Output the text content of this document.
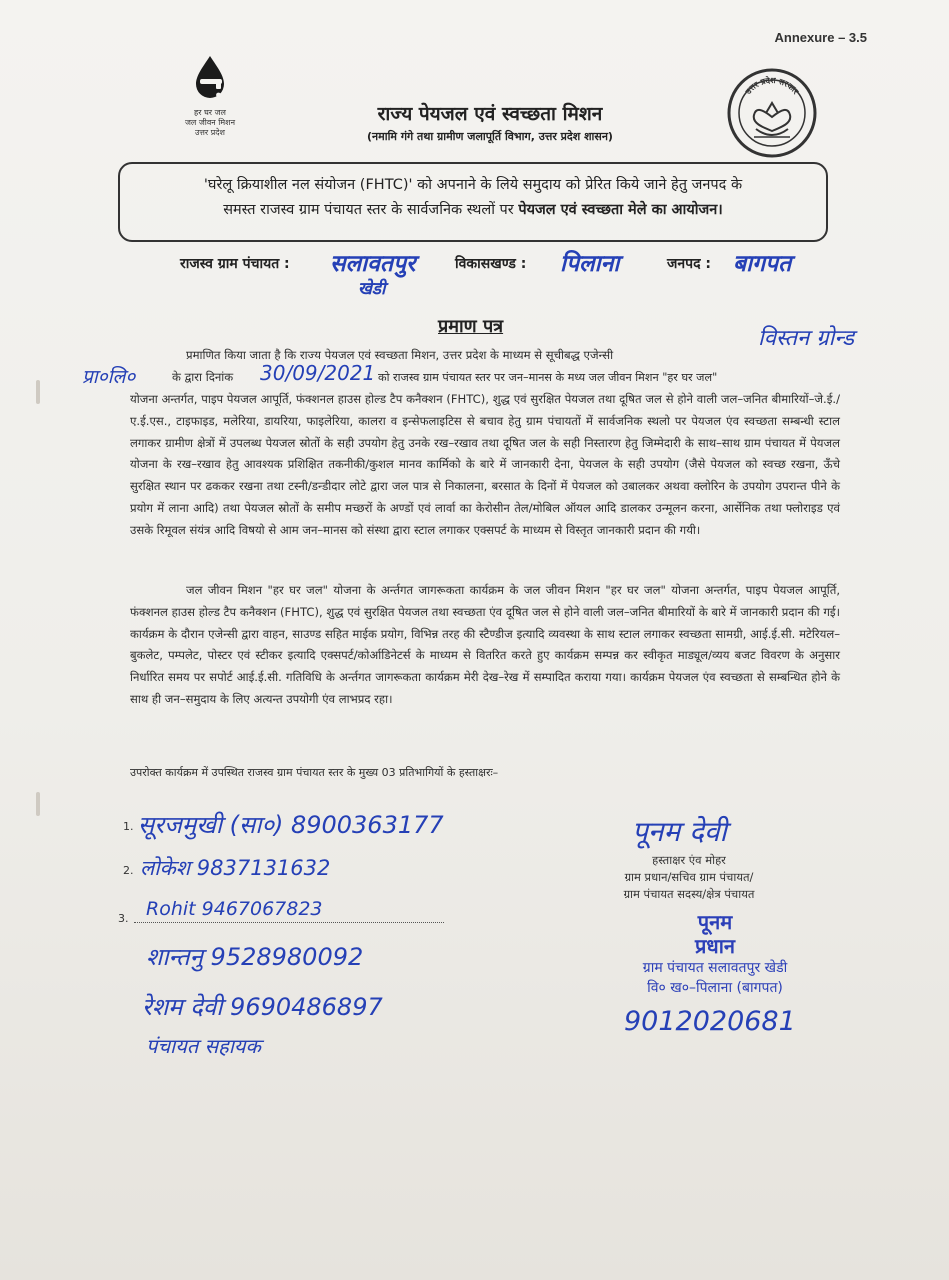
Annexure – 3.5
हर घर जल
जल जीवन मिशन
उत्तर प्रदेश
उत्तर प्रदेश सरकार
राज्य पेयजल एवं स्वच्छता मिशन
(नमामि गंगे तथा ग्रामीण जलापूर्ति विभाग, उत्तर प्रदेश शासन)
'घरेलू क्रियाशील नल संयोजन (FHTC)' को अपनाने के लिये समुदाय को प्रेरित किये जाने हेतु जनपद के
समस्त राजस्व ग्राम पंचायत स्तर के सार्वजनिक स्थलों पर पेयजल एवं स्वच्छता मेले का आयोजन।
राजस्व ग्राम पंचायत : सलावतपुर
खेडी
विकासखण्ड : पिलाना	जनपद : बागपत
प्रमाण पत्र	विस्तन ग्रोन्ड
प्रमाणित किया जाता है कि राज्य पेयजल एवं स्वच्छता मिशन, उत्तर प्रदेश के माध्यम से सूचीबद्ध एजेन्सी
प्रा०लि०	के द्वारा दिनांक 30/09/2021 को राजस्व ग्राम पंचायत स्तर पर जन–मानस के मध्य जल जीवन मिशन "हर घर जल"
योजना अन्तर्गत, पाइप पेयजल आपूर्ति, फंक्शनल हाउस होल्ड टैप कनैक्शन (FHTC), शुद्ध एवं सुरक्षित पेयजल तथा दूषित जल से होने वाली जल–जनित बीमारियों–जे.ई./ए.ई.एस., टाइफाइड, मलेरिया, डायरिया, फाइलेरिया, कालरा व इन्सेफलाइटिस से बचाव हेतु ग्राम पंचायतों में सार्वजनिक स्थलो पर पेयजल एंव स्वच्छता सम्बन्धी स्टाल लगाकर ग्रामीण क्षेत्रों में उपलब्ध पेयजल स्रोतों के सही उपयोग हेतु उनके रख–रखाव तथा दूषित जल के सही निस्तारण हेतु जिम्मेदारी के साथ–साथ ग्राम पंचायत में पेयजल योजना के रख–रखाव हेतु आवश्यक प्रशिक्षित तकनीकी/कुशल मानव कार्मिको के बारे में जानकारी देना, पेयजल के सही उपयोग (जैसे पेयजल को स्वच्छ रखना, ऊँचे सुरक्षित स्थान पर ढककर रखना तथा टस्नी/डन्डीदार लोटे द्वारा जल पात्र से निकालना, बरसात के दिनों में पेयजल को उबालकर अथवा क्लोरिन के उपयोग उपरान्त पीने के प्रयोग में लाना आदि) तथा पेयजल स्रोतों के समीप मच्छरों के अण्डों एवं लार्वा का केरोसीन तेल/मोबिल ऑयल आदि डालकर उन्मूलन करना, आर्सेनिक तथा फ्लोराइड एवं उसके रिमूवल संयंत्र आदि विषयो से आम जन–मानस को संस्था द्वारा स्टाल लगाकर एक्सपर्ट के माध्यम से विस्तृत जानकारी प्रदान की गयी।
जल जीवन मिशन "हर घर जल" योजना के अर्न्तगत जागरूकता कार्यक्रम के जल जीवन मिशन "हर घर जल" योजना अन्तर्गत, पाइप पेयजल आपूर्ति, फंक्शनल हाउस होल्ड टैप कनैक्शन (FHTC), शुद्ध एवं सुरक्षित पेयजल तथा स्वच्छता एंव दूषित जल से होने वाली जल–जनित बीमारियों के बारे में जानकारी प्रदान की गई। कार्यक्रम के दौरान एजेन्सी द्वारा वाहन, साउण्ड सहित माईक प्रयोग, विभिन्न तरह की स्टैण्डीज इत्यादि व्यवस्था के साथ स्टाल लगाकर स्वच्छता सामग्री, आई.ई.सी. मटेरियल–बुकलेट, पम्पलेट, पोस्टर एवं स्टीकर इत्यादि एक्सपर्ट/कोर्आडिनेटर्स के माध्यम से वितरित करते हुए कार्यक्रम सम्पन्न कर स्वीकृत माड्यूल/व्यय बजट विवरण के अनुसार निर्धारित समय पर सपोर्ट आई.ई.सी. गतिविधि के अर्न्तगत जागरूकता कार्यक्रम मेरी देख–रेख में सम्पादित कराया गया। कार्यक्रम पेयजल एंव स्वच्छता से सम्बन्धित होने के साथ ही जन–समुदाय के लिए अत्यन्त उपयोगी एंव लाभप्रद रहा।
उपरोक्त कार्यक्रम में उपस्थित राजस्व ग्राम पंचायत स्तर के मुख्य 03 प्रतिभागियों के हस्ताक्षरः–
1. सूरजमुखी (सा०) 8900363177
2. लोकेश 9837131632
3. Rohit 9467067823
शान्तनु 9528980092
रेशम देवी 9690486897
पंचायत सहायक
पूनम देवी
हस्ताक्षर एंव मोहर
ग्राम प्रधान/सचिव ग्राम पंचायत/
ग्राम पंचायत सदस्य/क्षेत्र पंचायत
पूनम
प्रधान
ग्राम पंचायत सलावतपुर खेडी
वि० ख०–पिलाना (बागपत)
9012020681
